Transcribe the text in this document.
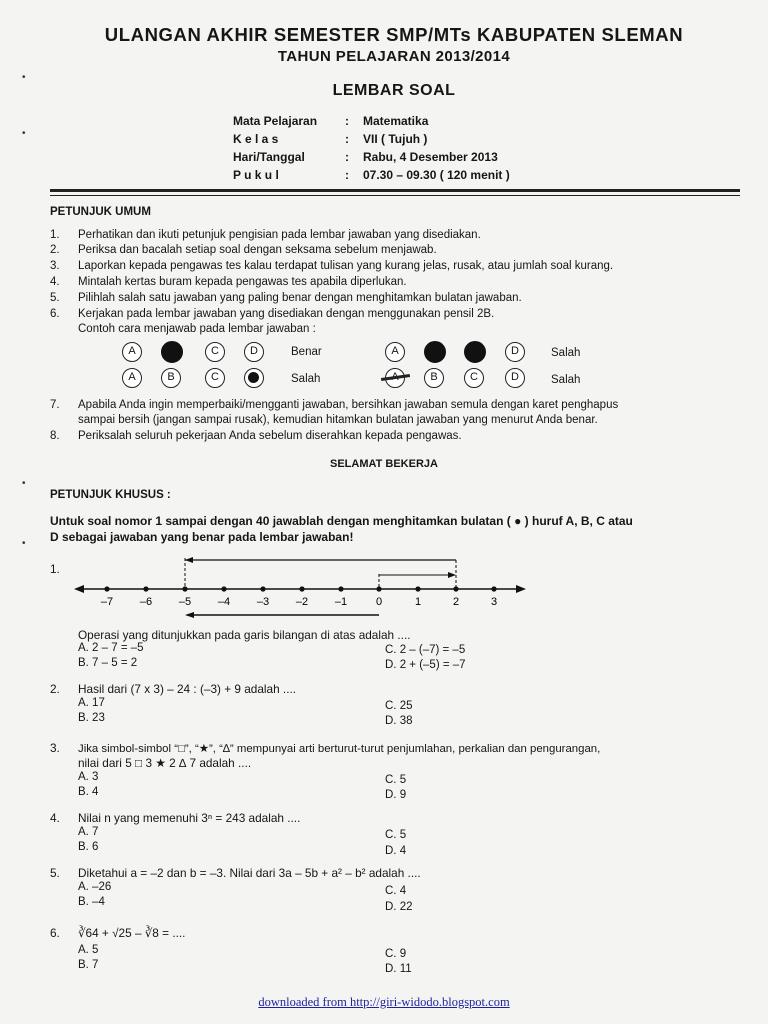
ULANGAN AKHIR SEMESTER SMP/MTs KABUPATEN SLEMAN
TAHUN PELAJARAN 2013/2014
LEMBAR SOAL
Mata Pelajaran	:	Matematika
K e l a s	:	VII ( Tujuh )
Hari/Tanggal	:	Rabu, 4 Desember 2013
P u k u l	:	07.30 – 09.30 ( 120 menit )
•
•
•
•
PETUNJUK UMUM
1. Perhatikan dan ikuti petunjuk pengisian pada lembar jawaban yang disediakan.
2. Periksa dan bacalah setiap soal dengan seksama sebelum menjawab.
3. Laporkan kepada pengawas tes kalau terdapat tulisan yang kurang jelas, rusak, atau jumlah soal kurang.
4. Mintalah kertas buram kepada pengawas tes apabila diperlukan.
5. Pilihlah salah satu jawaban yang paling benar dengan menghitamkan bulatan jawaban.
6. Kerjakan pada lembar jawaban yang disediakan dengan menggunakan pensil 2B.
Contoh cara menjawab pada lembar jawaban :
A	C	D	Benar	A	D	Salah
A	B	C	Salah	B	C	D	Salah
7. Apabila Anda ingin memperbaiki/mengganti jawaban, bersihkan jawaban semula dengan karet penghapus
sampai bersih (jangan sampai rusak), kemudian hitamkan bulatan jawaban yang menurut Anda benar.
8. Periksalah seluruh pekerjaan Anda sebelum diserahkan kepada pengawas.
SELAMAT BEKERJA
PETUNJUK KHUSUS :
Untuk soal nomor 1 sampai dengan 40 jawablah dengan menghitamkan bulatan ( ● ) huruf A, B, C atau
D sebagai jawaban yang benar pada lembar jawaban!
1.
–7 –6 –5 –4 –3 –2 –1	0	1	2	3
Operasi yang ditunjukkan pada garis bilangan di atas adalah ....
A. 2 – 7 = –5
B. 7 – 5 = 2
C. 2 – (–7) = –5
D. 2 + (–5) = –7
2. Hasil dari (7 x 3) – 24 : (–3) + 9 adalah ....
A. 17
B. 23
C. 25
D. 38
3. Jika simbol-simbol “□”, “★”, “∆” mempunyai arti berturut-turut penjumlahan, perkalian dan pengurangan,
nilai dari 5 □ 3 ★ 2 ∆ 7 adalah ....
A. 3
B. 4
C. 5
D. 9
4. Nilai n yang memenuhi 3ⁿ = 243 adalah ....
A. 7
B. 6
C. 5
D. 4
5. Diketahui a = –2 dan b = –3. Nilai dari 3a – 5b + a² – b² adalah ....
A. –26
B. –4
C. 4
D. 22
6. ∛64 + √25 – ∛8 = ....
A. 5
B. 7
C. 9
D. 11
downloaded from http://giri-widodo.blogspot.com
